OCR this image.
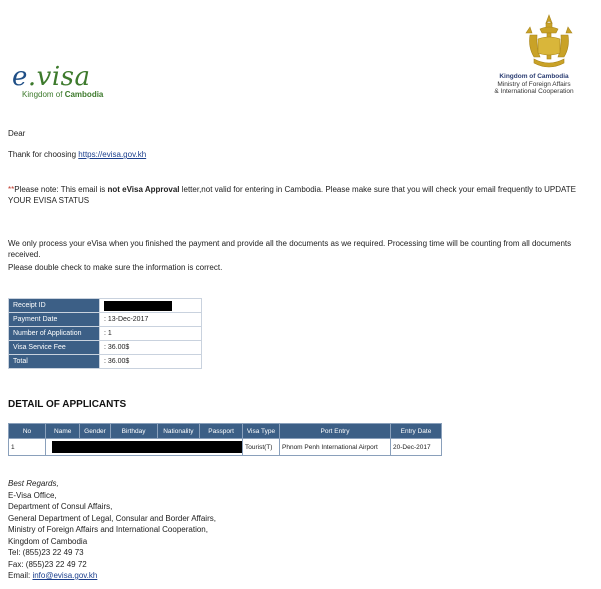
e.visa
Kingdom of Cambodia
Kingdom of Cambodia
Ministry of Foreign Affairs
& International Cooperation
Dear
Thank for choosing https://evisa.gov.kh
**Please note: This email is not eVisa Approval letter,not valid for entering in Cambodia. Please make sure that you will check your email frequently to UPDATE YOUR EVISA STATUS
We only process your eVisa when you finished the payment and provide all the documents as we required. Processing time will be counting from all documents received.
Please double check to make sure the information is correct.
Receipt ID	
Payment Date	: 13-Dec-2017
Number of Application	: 1
Visa Service Fee	: 36.00$
Total	: 36.00$
DETAIL OF APPLICANTS
No	Name	Gender	Birthday	Nationality	Passport	Visa Type	Port Entry	Entry Date
1						Tourist(T)	Phnom Penh International Airport	20-Dec-2017
Best Regards,
E-Visa Office,
Department of Consul Affairs,
General Department of Legal, Consular and Border Affairs,
Ministry of Foreign Affairs and International Cooperation,
Kingdom of Cambodia
Tel: (855)23 22 49 73
Fax: (855)23 22 49 72
Email: info@evisa.gov.kh
